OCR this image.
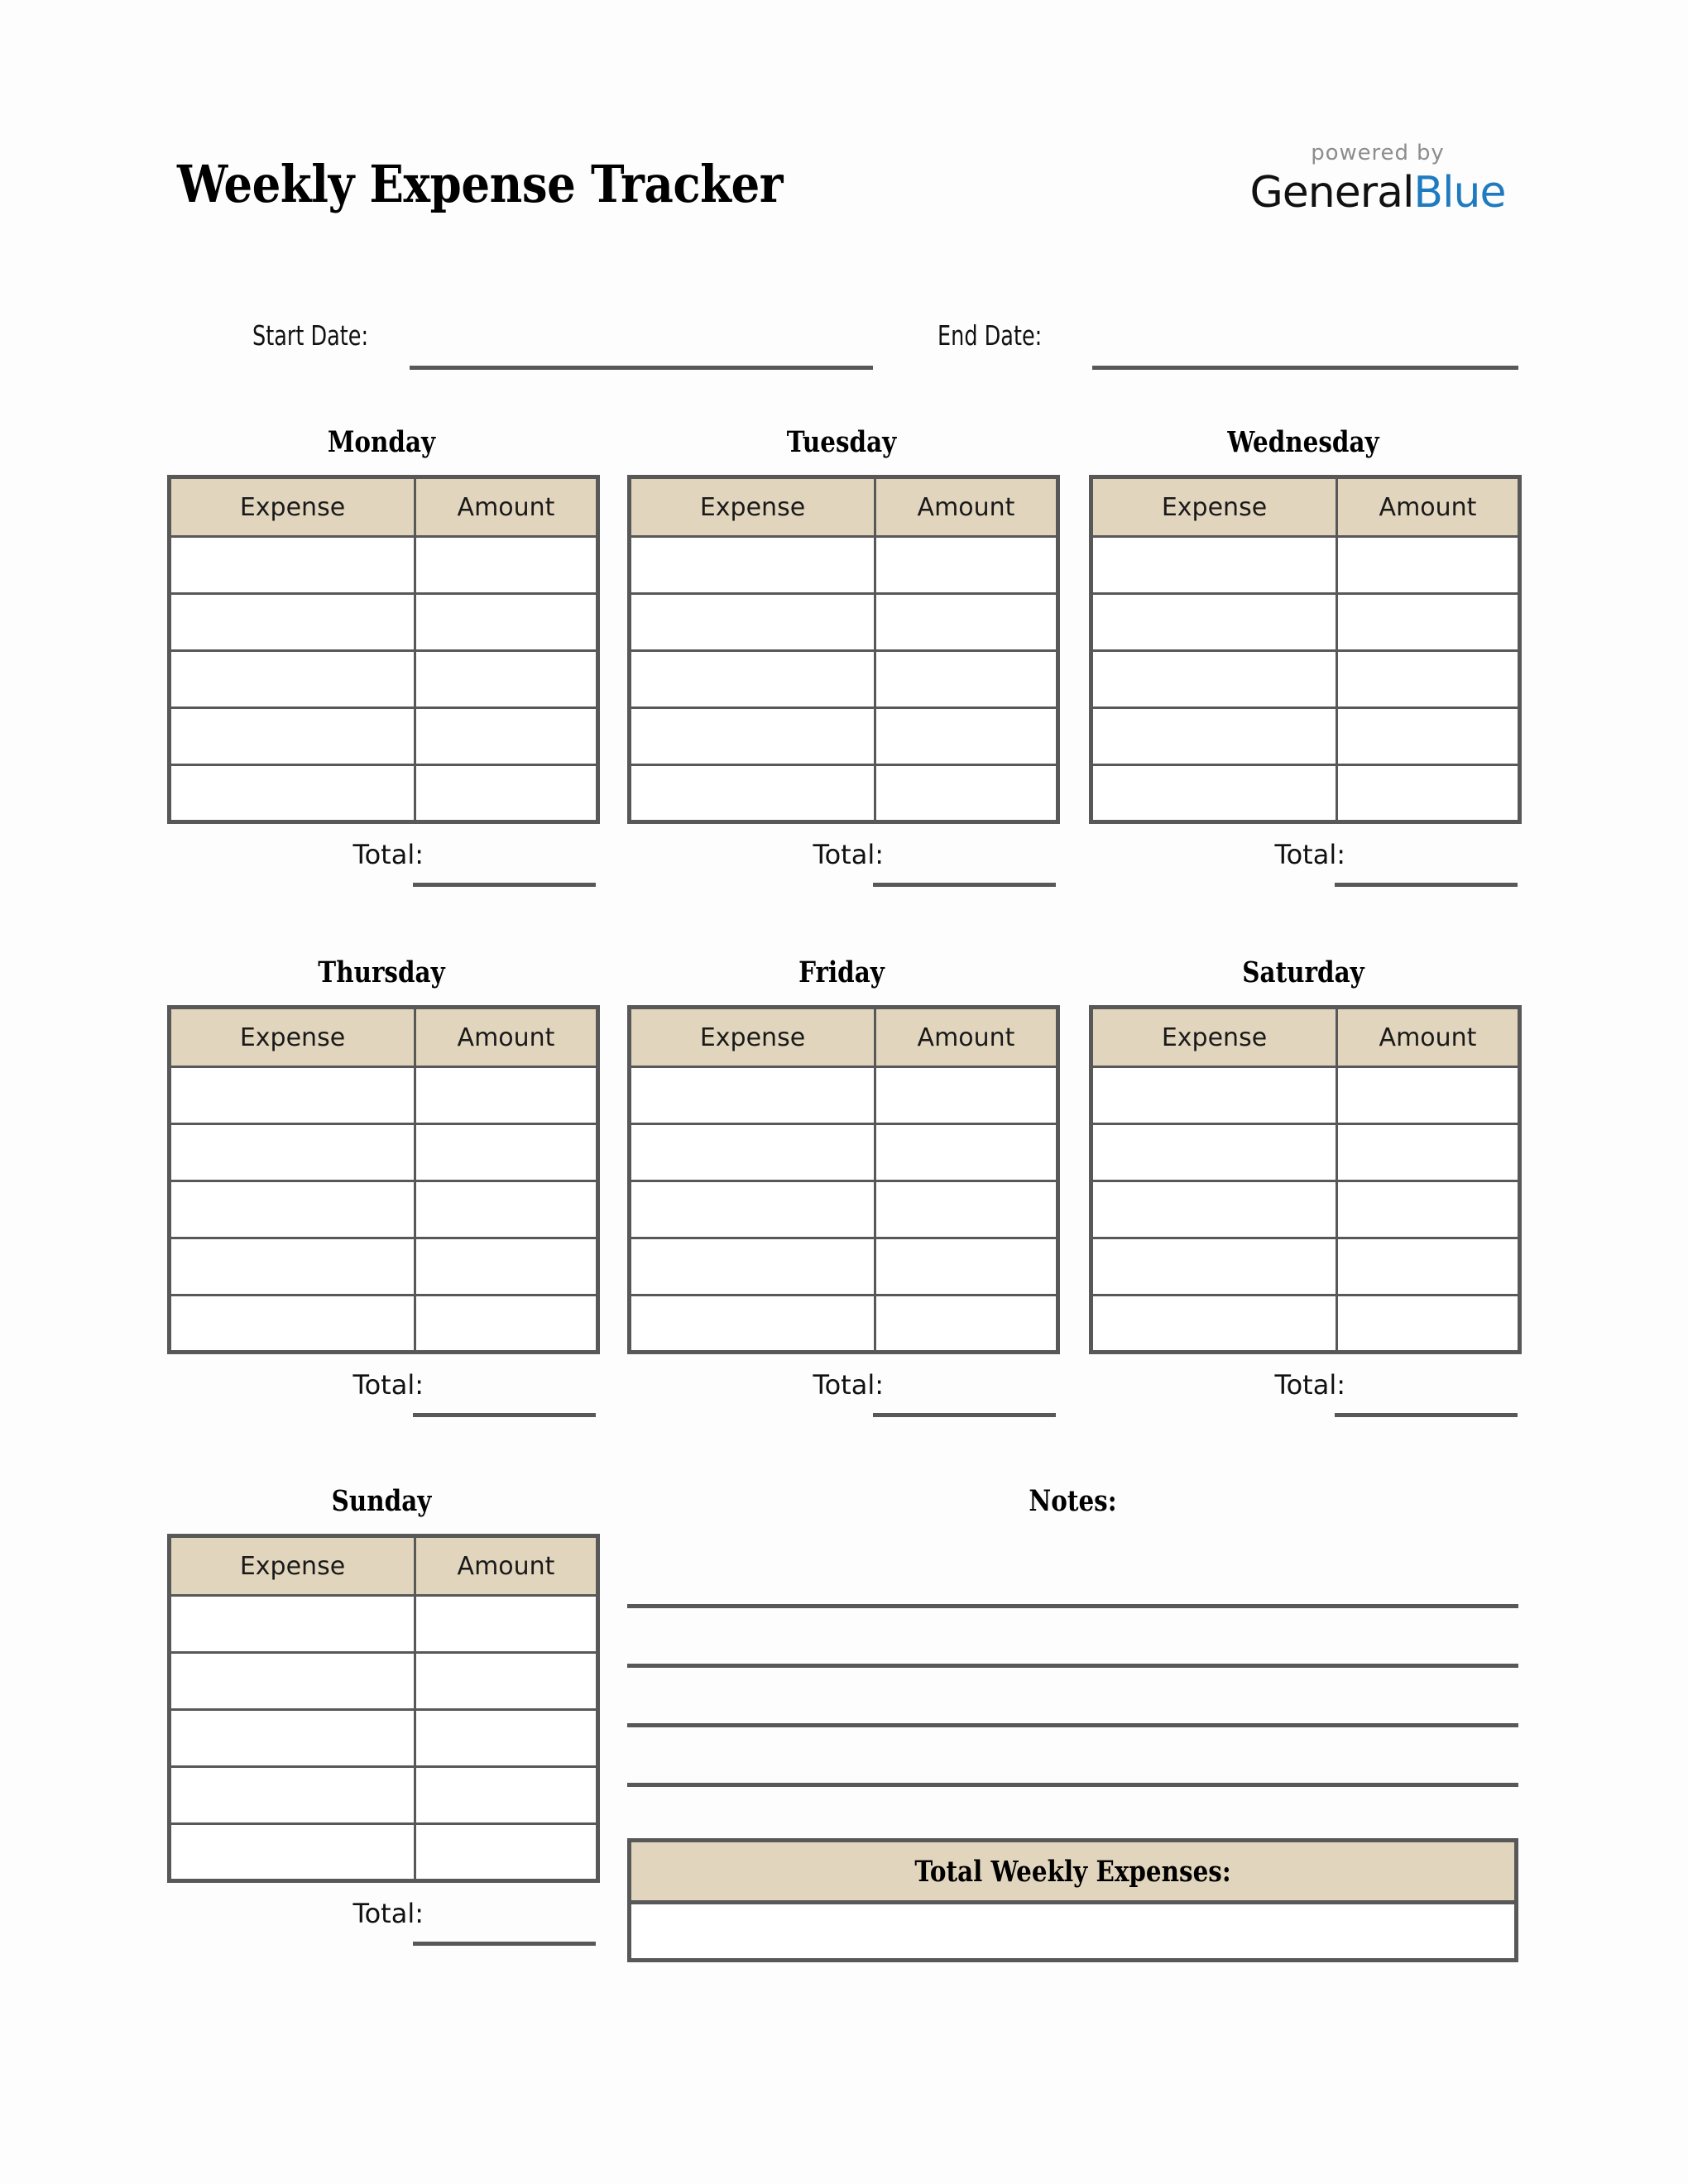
Weekly Expense Tracker
powered by
GeneralBlue
Start Date:	End Date:
Monday
Expense	Amount

Total:
Tuesday
Expense	Amount

Total:
Wednesday
Expense	Amount

Total:
Thursday
Expense	Amount

Total:
Friday
Expense	Amount

Total:
Saturday
Expense	Amount

Total:
Sunday
Expense	Amount

Total:
Notes:
Total Weekly Expenses:
